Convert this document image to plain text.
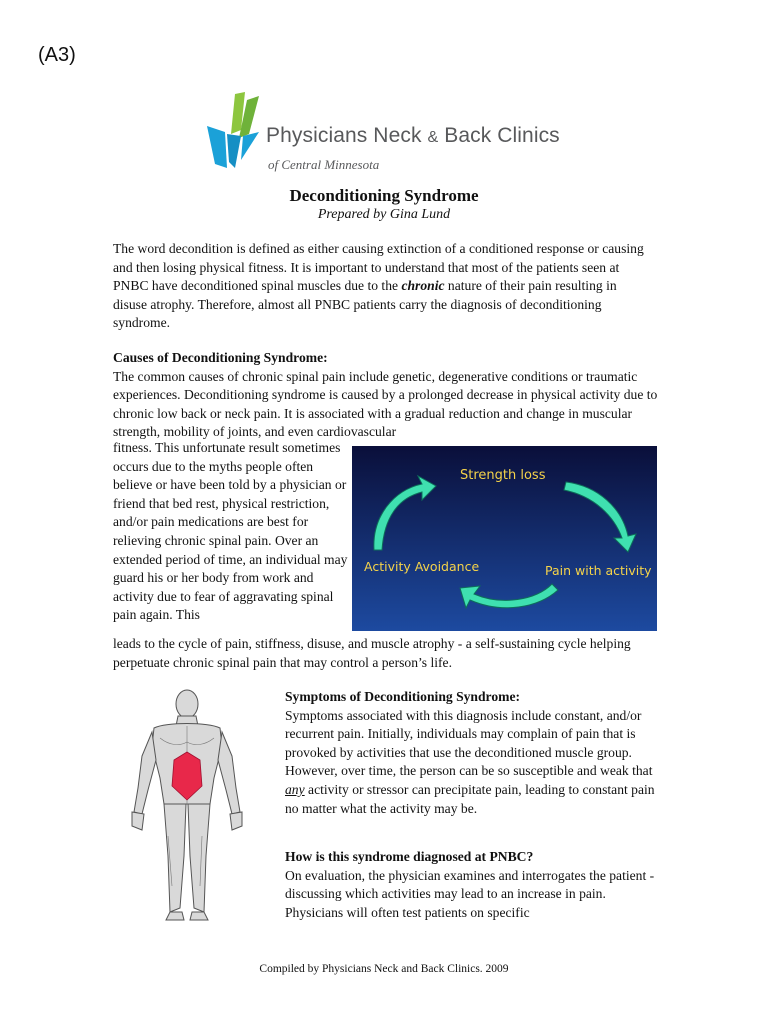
(A3)
Physicians Neck & Back Clinics
of Central Minnesota
Deconditioning Syndrome
Prepared by Gina Lund
The word decondition is defined as either causing extinction of a conditioned response or causing and then losing physical fitness. It is important to understand that most of the patients seen at PNBC have deconditioned spinal muscles due to the chronic nature of their pain resulting in disuse atrophy. Therefore, almost all PNBC patients carry the diagnosis of deconditioning syndrome.
Causes of Deconditioning Syndrome:
The common causes of chronic spinal pain include genetic, degenerative conditions or traumatic experiences. Deconditioning syndrome is caused by a prolonged decrease in physical activity due to chronic low back or neck pain. It is associated with a gradual reduction and change in muscular strength, mobility of joints, and even cardiovascular
fitness. This unfortunate result sometimes occurs due to the myths people often believe or have been told by a physician or friend that bed rest, physical restriction, and/or pain medications are best for relieving chronic spinal pain. Over an extended period of time, an individual may guard his or her body from work and activity due to fear of aggravating spinal pain again. This
leads to the cycle of pain, stiffness, disuse, and muscle atrophy - a self-sustaining cycle helping perpetuate chronic spinal pain that may control a person’s life.
Strength loss
Pain with activity
Activity Avoidance
Symptoms of Deconditioning Syndrome:
Symptoms associated with this diagnosis include constant, and/or recurrent pain. Initially, individuals may complain of pain that is provoked by activities that use the deconditioned muscle group. However, over time, the person can be so susceptible and weak that any activity or stressor can precipitate pain, leading to constant pain no matter what the activity may be.
How is this syndrome diagnosed at PNBC?
On evaluation, the physician examines and interrogates the patient - discussing which activities may lead to an increase in pain. Physicians will often test patients on specific
Compiled by Physicians Neck and Back Clinics. 2009
